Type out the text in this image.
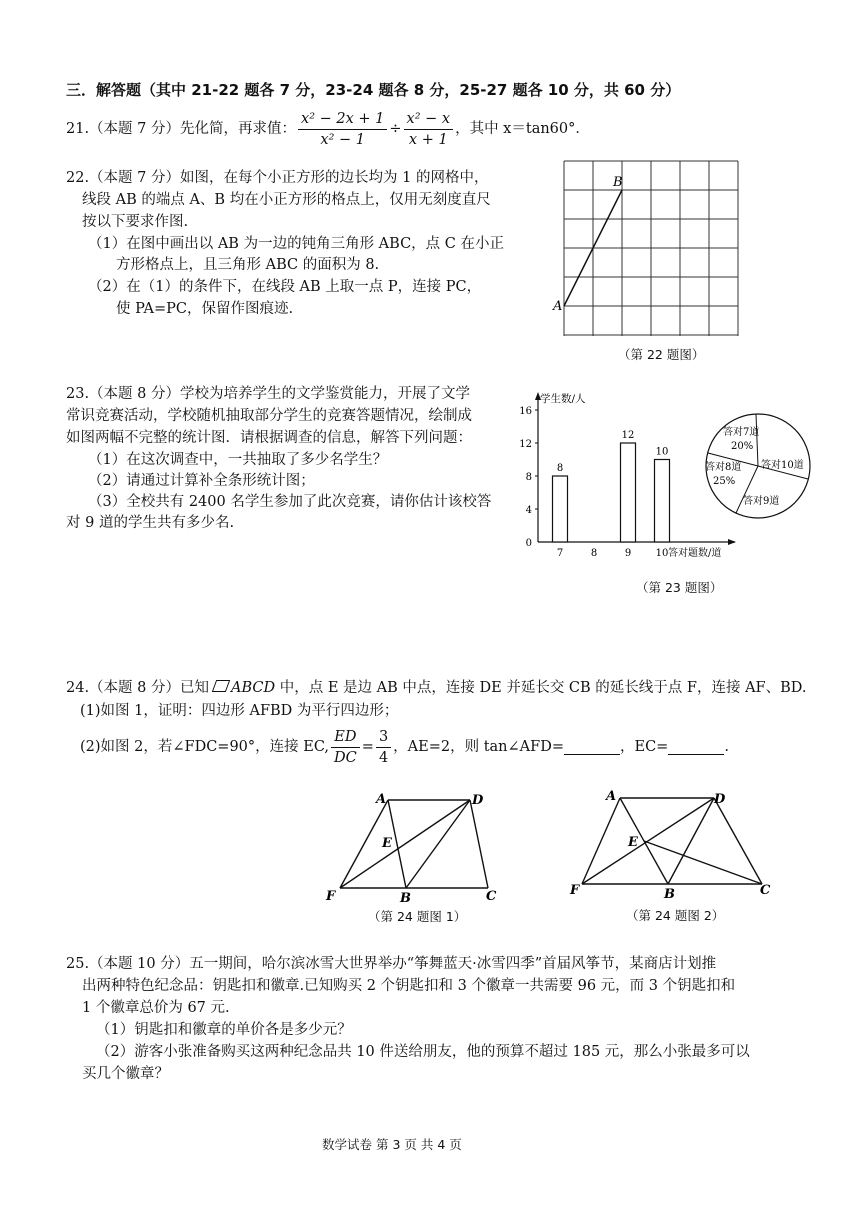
三．解答题（其中 21-22 题各 7 分，23-24 题各 8 分，25-27 题各 10 分，共 60 分）
21.（本题 7 分）先化简，再求值： $\frac{\text{x² − 2x + 1}}{\text{x² − 1}} \div \frac{\text{x² − x}}{x + 1}$ ，其中 x＝tan60°．
22.（本题 7 分）如图，在每个小正方形的边长均为 1 的网格中，
线段 AB 的端点 A、B 均在小正方形的格点上，仅用无刻度直尺
按以下要求作图.
（1）在图中画出以 AB 为一边的钝角三角形 ABC，点 C 在小正
方形格点上，且三角形 ABC 的面积为 8.
（2）在（1）的条件下，在线段 AB 上取一点 P，连接 PC，
使 PA=PC，保留作图痕迹.	A
B
（第 22 题图）
23.（本题 8 分）学校为培养学生的文学鉴赏能力，开展了文学
常识竞赛活动，学校随机抽取部分学生的竞赛答题情况，绘制成
如图两幅不完整的统计图．请根据调查的信息，解答下列问题：
（1）在这次调查中，一共抽取了多少名学生？
（2）请通过计算补全条形统计图；
（3）全校共有 2400 名学生参加了此次竞赛，请你估计该校答
对 9 道的学生共有多少名.
学生数/人
答对题数/道
0
4
8
12
16
8
7	8
12
9
10
10
答对7道
20%
答对10道
答对9道
答对8道
25%
（第 23 题图）
24.（本题 8 分）已知 ABCD 中，点 E 是边 AB 中点，连接 DE 并延长交 CB 的延长线于点 F，连接 AF、BD.
(1)如图 1，证明：四边形 AFBD 为平行四边形；
(2)如图 2，若∠FDC=90°，连接 EC, $\frac{ED}{DC} = \frac{3}{4}$ ，AE=2，则 tan∠AFD=	，EC=	.
A	D
E
F	B	C
（第 24 题图 1）
A	D
E
F	B	C
（第 24 题图 2）
25.（本题 10 分）五一期间，哈尔滨冰雪大世界举办“筝舞蓝天·冰雪四季”首届风筝节，某商店计划推
出两种特色纪念品：钥匙扣和徽章.已知购买 2 个钥匙扣和 3 个徽章一共需要 96 元，而 3 个钥匙扣和
1 个徽章总价为 67 元.
（1）钥匙扣和徽章的单价各是多少元？
（2）游客小张准备购买这两种纪念品共 10 件送给朋友，他的预算不超过 185 元，那么小张最多可以
买几个徽章？
数学试卷 第 3 页 共 4 页
